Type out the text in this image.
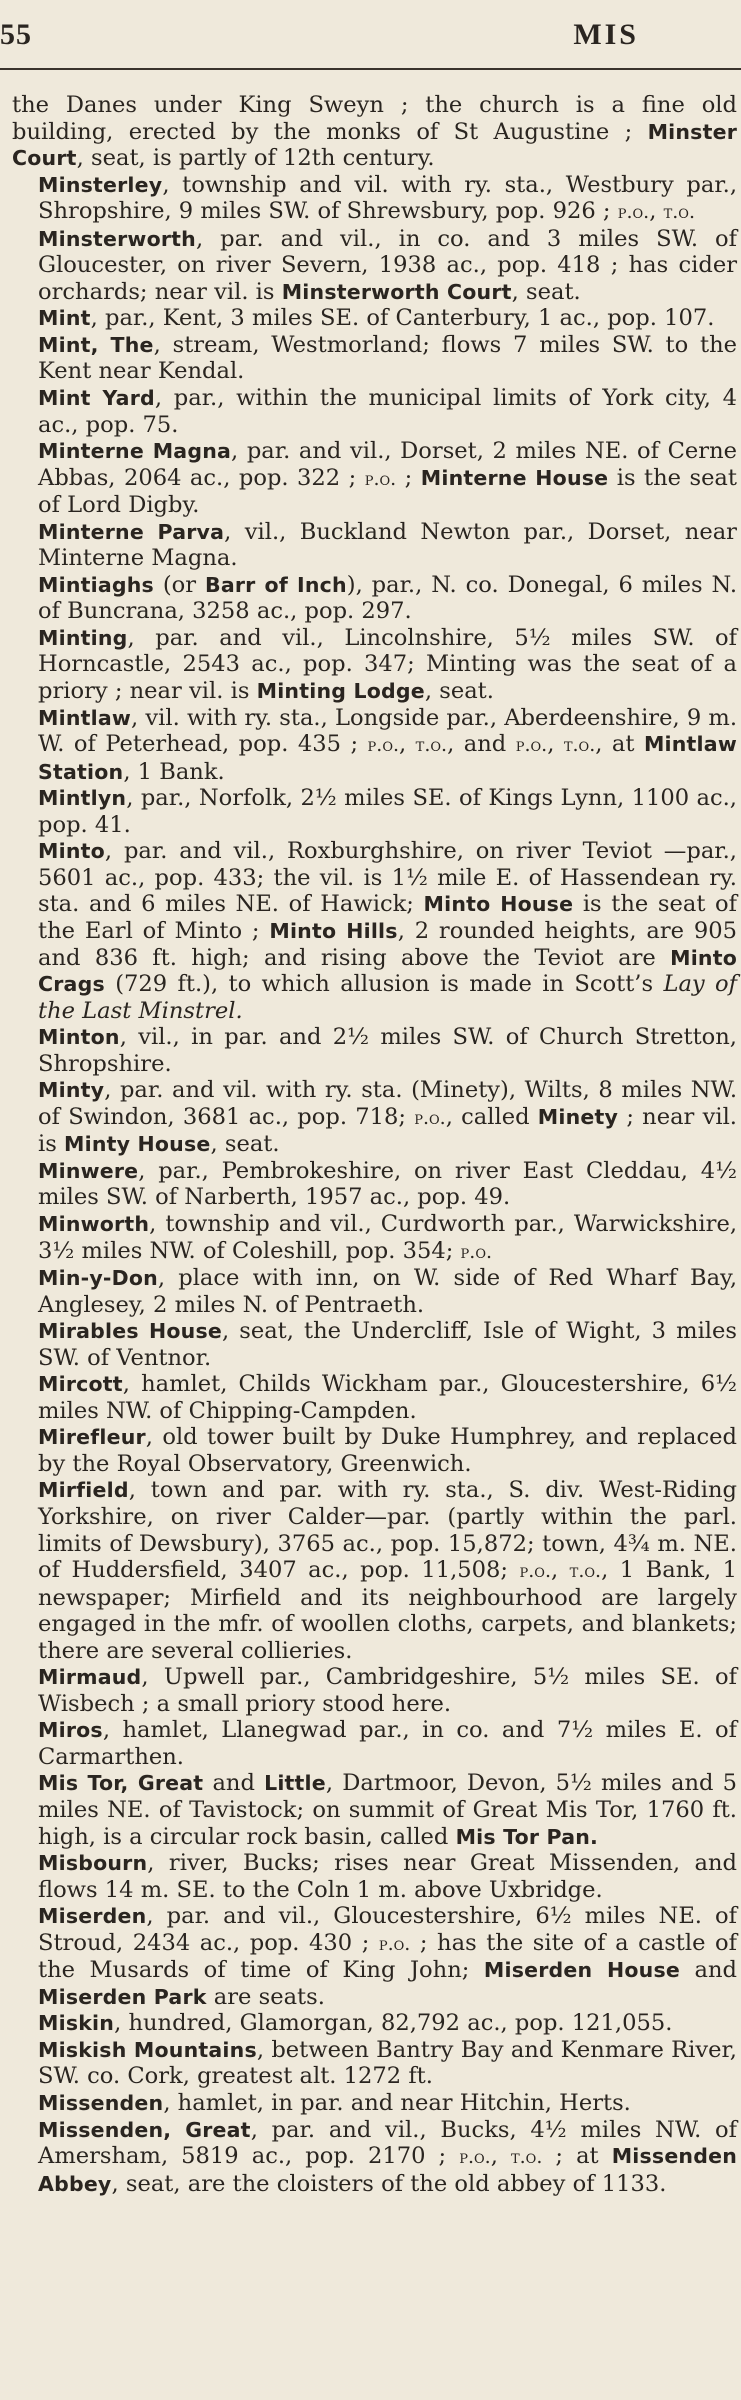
55	MIS

the Danes under King Sweyn ; the church is a fine old building, erected by the monks of St Augustine ; Minster Court, seat, is partly of 12th century.

Minsterley, township and vil. with ry. sta., Westbury par., Shropshire, 9 miles SW. of Shrewsbury, pop. 926 ; p.o., t.o.

Minsterworth, par. and vil., in co. and 3 miles SW. of Gloucester, on river Severn, 1938 ac., pop. 418 ; has cider orchards; near vil. is Minsterworth Court, seat.

Mint, par., Kent, 3 miles SE. of Canterbury, 1 ac., pop. 107.

Mint, The, stream, Westmorland; flows 7 miles SW. to the Kent near Kendal.

Mint Yard, par., within the municipal limits of York city, 4 ac., pop. 75.

Minterne Magna, par. and vil., Dorset, 2 miles NE. of Cerne Abbas, 2064 ac., pop. 322 ; p.o. ; Minterne House is the seat of Lord Digby.

Minterne Parva, vil., Buckland Newton par., Dorset, near Minterne Magna.

Mintiaghs (or Barr of Inch), par., N. co. Donegal, 6 miles N. of Buncrana, 3258 ac., pop. 297.

Minting, par. and vil., Lincolnshire, 5½ miles SW. of Horncastle, 2543 ac., pop. 347; Minting was the seat of a priory ; near vil. is Minting Lodge, seat.

Mintlaw, vil. with ry. sta., Longside par., Aberdeenshire, 9 m. W. of Peterhead, pop. 435 ; p.o., t.o., and p.o., t.o., at Mintlaw Station, 1 Bank.

Mintlyn, par., Norfolk, 2½ miles SE. of Kings Lynn, 1100 ac., pop. 41.

Minto, par. and vil., Roxburghshire, on river Teviot —par., 5601 ac., pop. 433; the vil. is 1½ mile E. of Hassendean ry. sta. and 6 miles NE. of Hawick; Minto House is the seat of the Earl of Minto ; Minto Hills, 2 rounded heights, are 905 and 836 ft. high; and rising above the Teviot are Minto Crags (729 ft.), to which allusion is made in Scott’s Lay of the Last Minstrel.

Minton, vil., in par. and 2½ miles SW. of Church Stretton, Shropshire.

Minty, par. and vil. with ry. sta. (Minety), Wilts, 8 miles NW. of Swindon, 3681 ac., pop. 718; p.o., called Minety ; near vil. is Minty House, seat.

Minwere, par., Pembrokeshire, on river East Cleddau, 4½ miles SW. of Narberth, 1957 ac., pop. 49.

Minworth, township and vil., Curdworth par., Warwickshire, 3½ miles NW. of Coleshill, pop. 354; p.o.

Min-y-Don, place with inn, on W. side of Red Wharf Bay, Anglesey, 2 miles N. of Pentraeth.

Mirables House, seat, the Undercliff, Isle of Wight, 3 miles SW. of Ventnor.

Mircott, hamlet, Childs Wickham par., Gloucestershire, 6½ miles NW. of Chipping-Campden.

Mirefleur, old tower built by Duke Humphrey, and replaced by the Royal Observatory, Greenwich.

Mirfield, town and par. with ry. sta., S. div. West-Riding Yorkshire, on river Calder—par. (partly within the parl. limits of Dewsbury), 3765 ac., pop. 15,872; town, 4¾ m. NE. of Huddersfield, 3407 ac., pop. 11,508; p.o., t.o., 1 Bank, 1 newspaper; Mirfield and its neighbourhood are largely engaged in the mfr. of woollen cloths, carpets, and blankets; there are several collieries.

Mirmaud, Upwell par., Cambridgeshire, 5½ miles SE. of Wisbech ; a small priory stood here.

Miros, hamlet, Llanegwad par., in co. and 7½ miles E. of Carmarthen.

Mis Tor, Great and Little, Dartmoor, Devon, 5½ miles and 5 miles NE. of Tavistock; on summit of Great Mis Tor, 1760 ft. high, is a circular rock basin, called Mis Tor Pan.

Misbourn, river, Bucks; rises near Great Missenden, and flows 14 m. SE. to the Coln 1 m. above Uxbridge.

Miserden, par. and vil., Gloucestershire, 6½ miles NE. of Stroud, 2434 ac., pop. 430 ; p.o. ; has the site of a castle of the Musards of time of King John; Miserden House and Miserden Park are seats.

Miskin, hundred, Glamorgan, 82,792 ac., pop. 121,055.

Miskish Mountains, between Bantry Bay and Kenmare River, SW. co. Cork, greatest alt. 1272 ft.

Missenden, hamlet, in par. and near Hitchin, Herts.

Missenden, Great, par. and vil., Bucks, 4½ miles NW. of Amersham, 5819 ac., pop. 2170 ; p.o., t.o. ; at Missenden Abbey, seat, are the cloisters of the old abbey of 1133.
